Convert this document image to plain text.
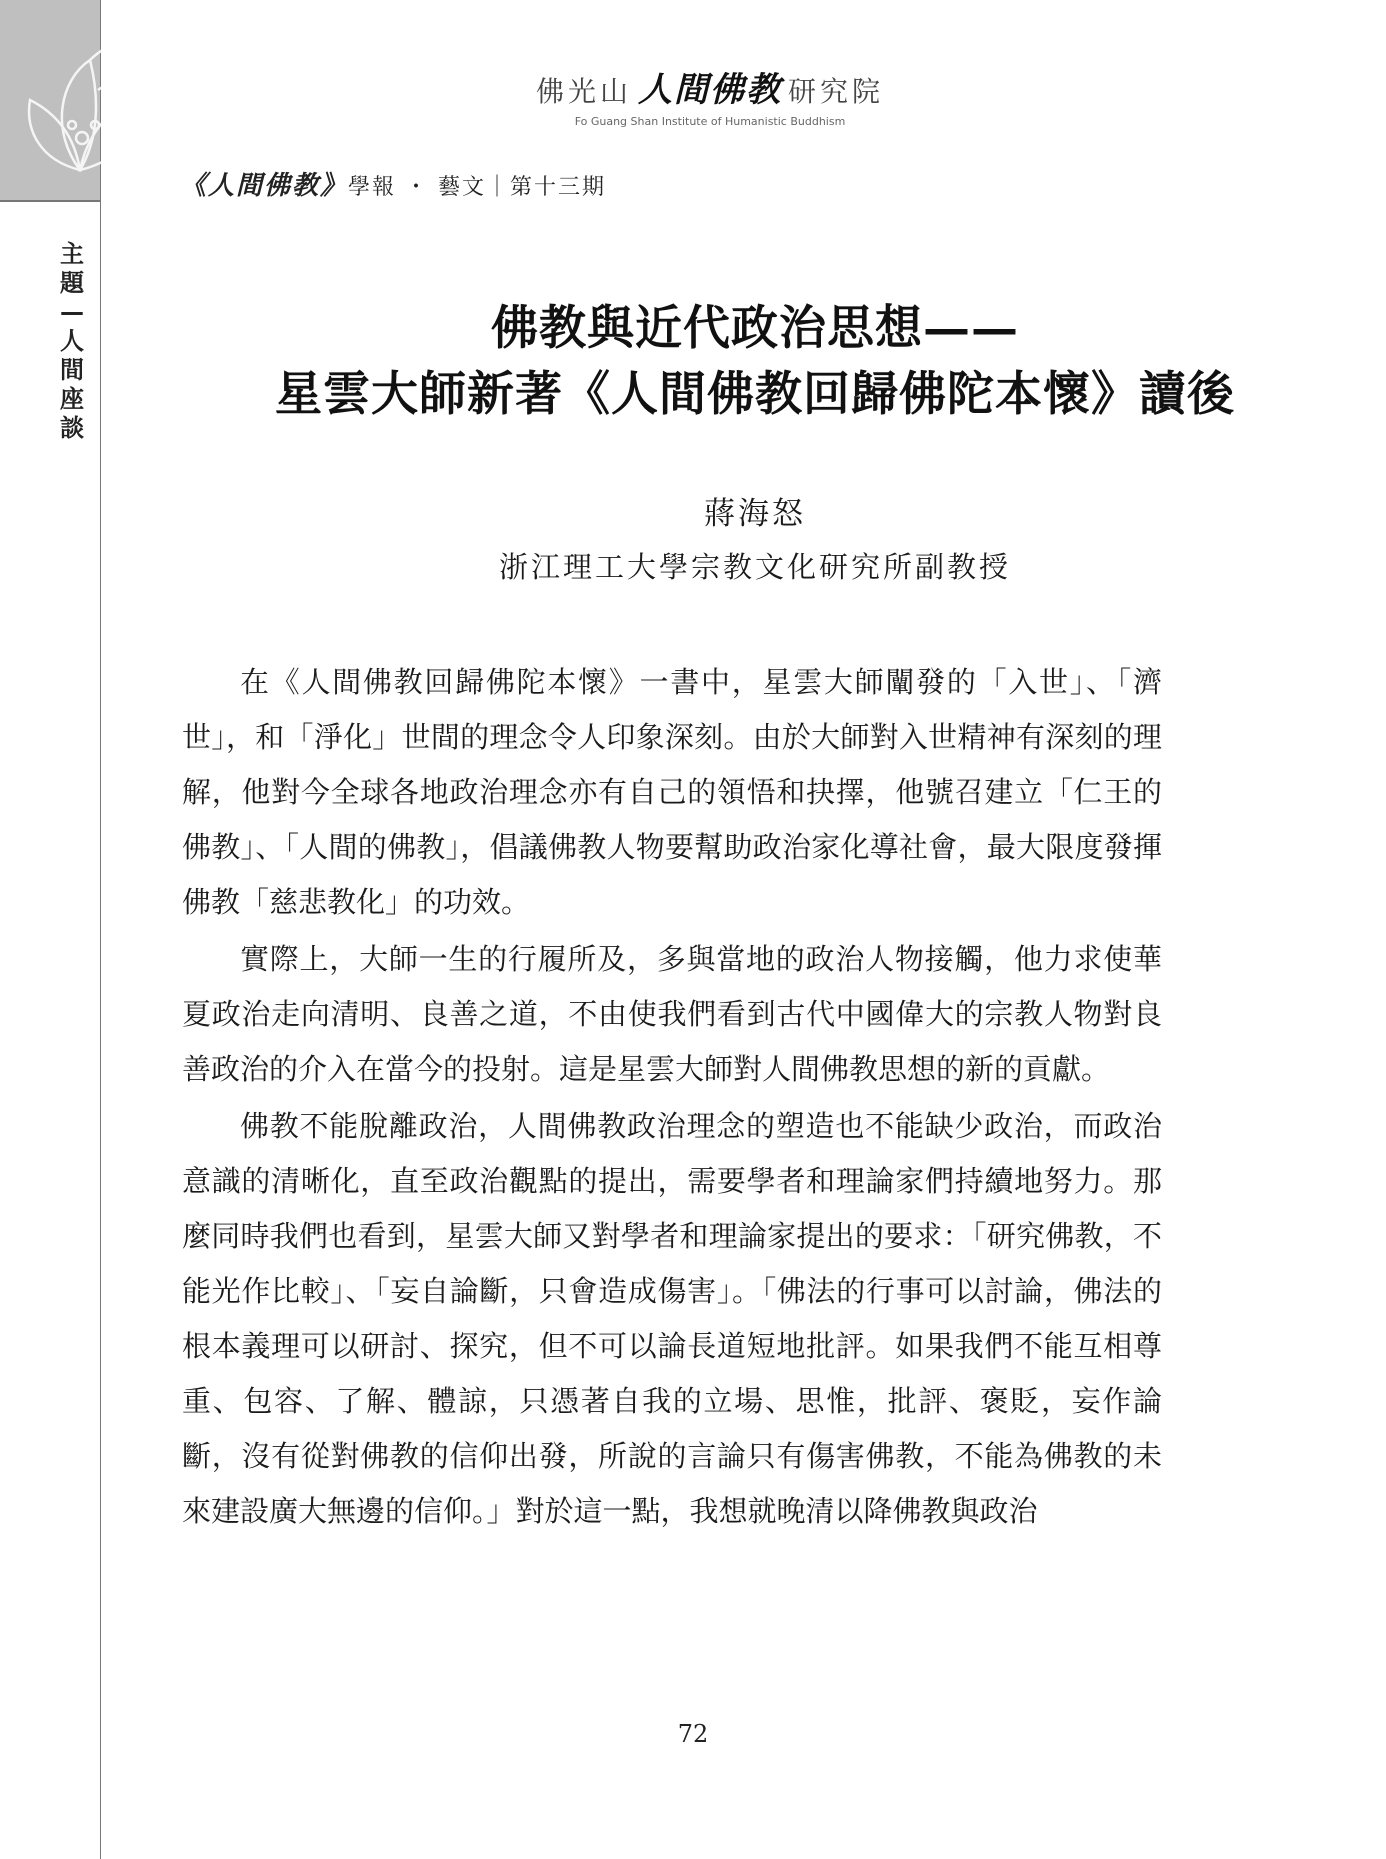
主
題
—
人
間
座
談
佛光山 人間佛教 研究院
Fo Guang Shan Institute of Humanistic Buddhism
《人間佛教》學報 ・ 藝文｜第十三期
佛教與近代政治思想——
星雲大師新著《人間佛教回歸佛陀本懷》讀後
蔣海怒
浙江理工大學宗教文化研究所副教授

在《人間佛教回歸佛陀本懷》一書中，星雲大師闡發的「入世」、「濟世」，和「淨化」世間的理念令人印象深刻。由於大師對入世精神有深刻的理解，他對今全球各地政治理念亦有自己的領悟和抉擇，他號召建立「仁王的佛教」、「人間的佛教」，倡議佛教人物要幫助政治家化導社會，最大限度發揮佛教「慈悲教化」的功效。

實際上，大師一生的行履所及，多與當地的政治人物接觸，他力求使華夏政治走向清明、良善之道，不由使我們看到古代中國偉大的宗教人物對良善政治的介入在當今的投射。這是星雲大師對人間佛教思想的新的貢獻。

佛教不能脫離政治，人間佛教政治理念的塑造也不能缺少政治，而政治意識的清晰化，直至政治觀點的提出，需要學者和理論家們持續地努力。那麼同時我們也看到，星雲大師又對學者和理論家提出的要求：「研究佛教，不能光作比較」、「妄自論斷，只會造成傷害」。「佛法的行事可以討論，佛法的根本義理可以研討、探究，但不可以論長道短地批評。如果我們不能互相尊重、包容、了解、體諒，只憑著自我的立場、思惟，批評、褒貶，妄作論斷，沒有從對佛教的信仰出發，所說的言論只有傷害佛教，不能為佛教的未來建設廣大無邊的信仰。」對於這一點，我想就晚清以降佛教與政治

72
